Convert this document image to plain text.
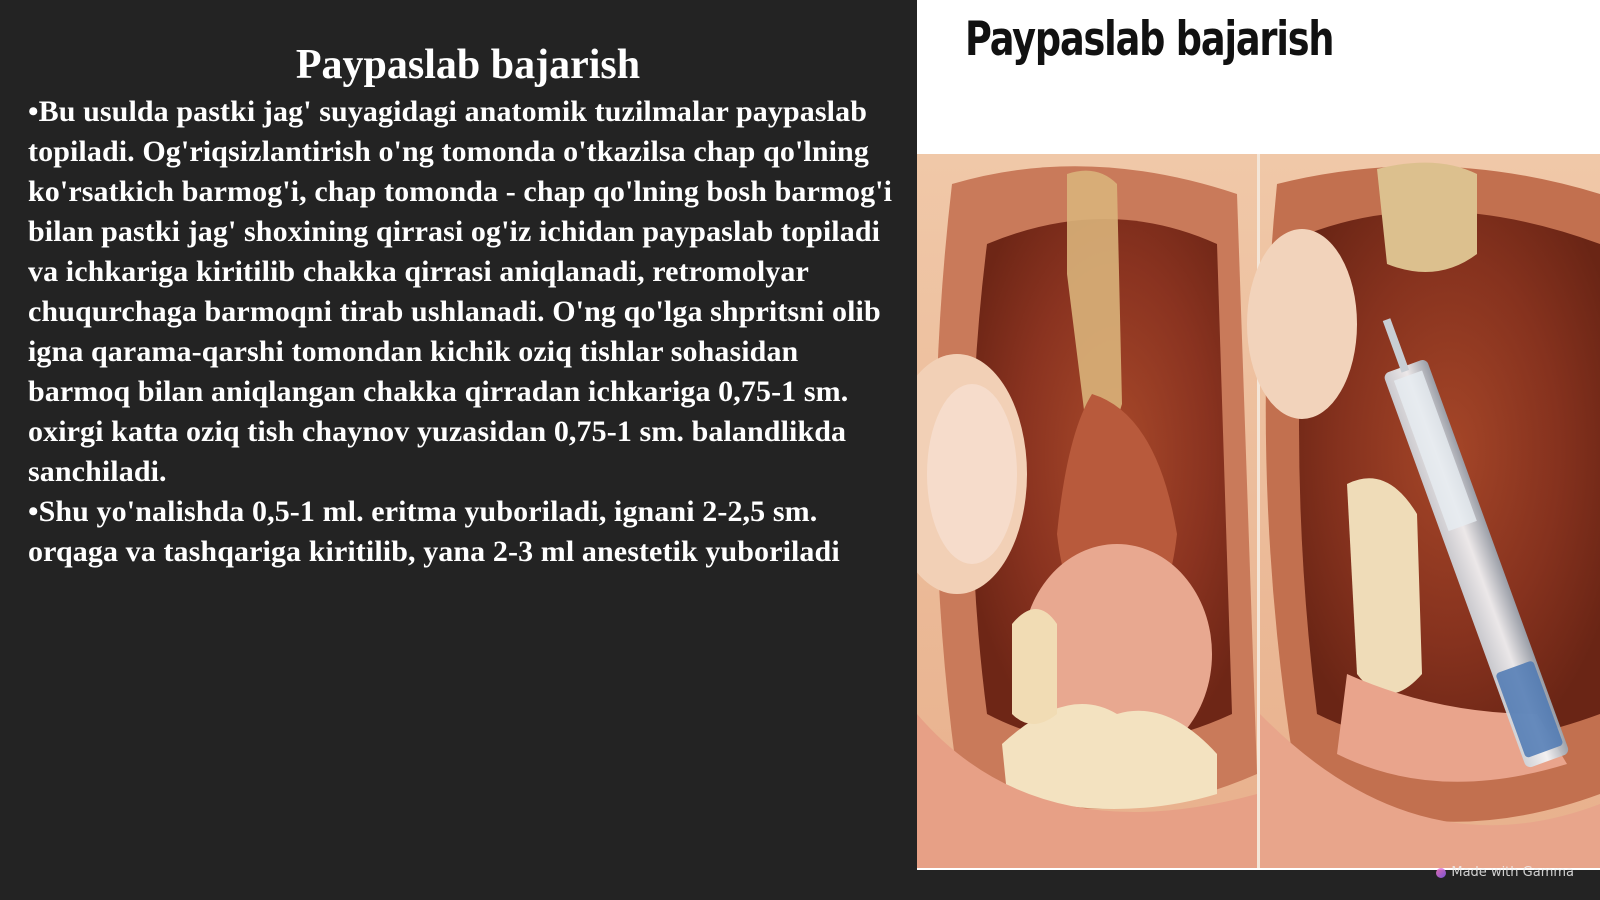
Paypaslab bajarish

•Bu usulda pastki jag' suyagidagi anatomik tuzilmalar paypaslab topiladi. Og'riqsizlantirish o'ng tomonda o'tkazilsa chap qo'lning ko'rsatkich barmog'i, chap tomonda - chap qo'lning bosh barmog'i bilan pastki jag' shoxining qirrasi og'iz ichidan paypaslab topiladi va ichkariga kiritilib chakka qirrasi aniqlanadi, retromolyar chuqurchaga barmoqni tirab ushlanadi. O'ng qo'lga shpritsni olib igna qarama-qarshi tomondan kichik oziq tishlar sohasidan barmoq bilan aniqlangan chakka qirradan ichkariga 0,75-1 sm. oxirgi katta oziq tish chaynov yuzasidan 0,75-1 sm. balandlikda sanchiladi.

•Shu yo'nalishda 0,5-1 ml. eritma yuboriladi, ignani 2-2,5 sm. orqaga va tashqariga kiritilib, yana 2-3 ml anestetik yuboriladi

Paypaslab bajarish
Made with Gamma
